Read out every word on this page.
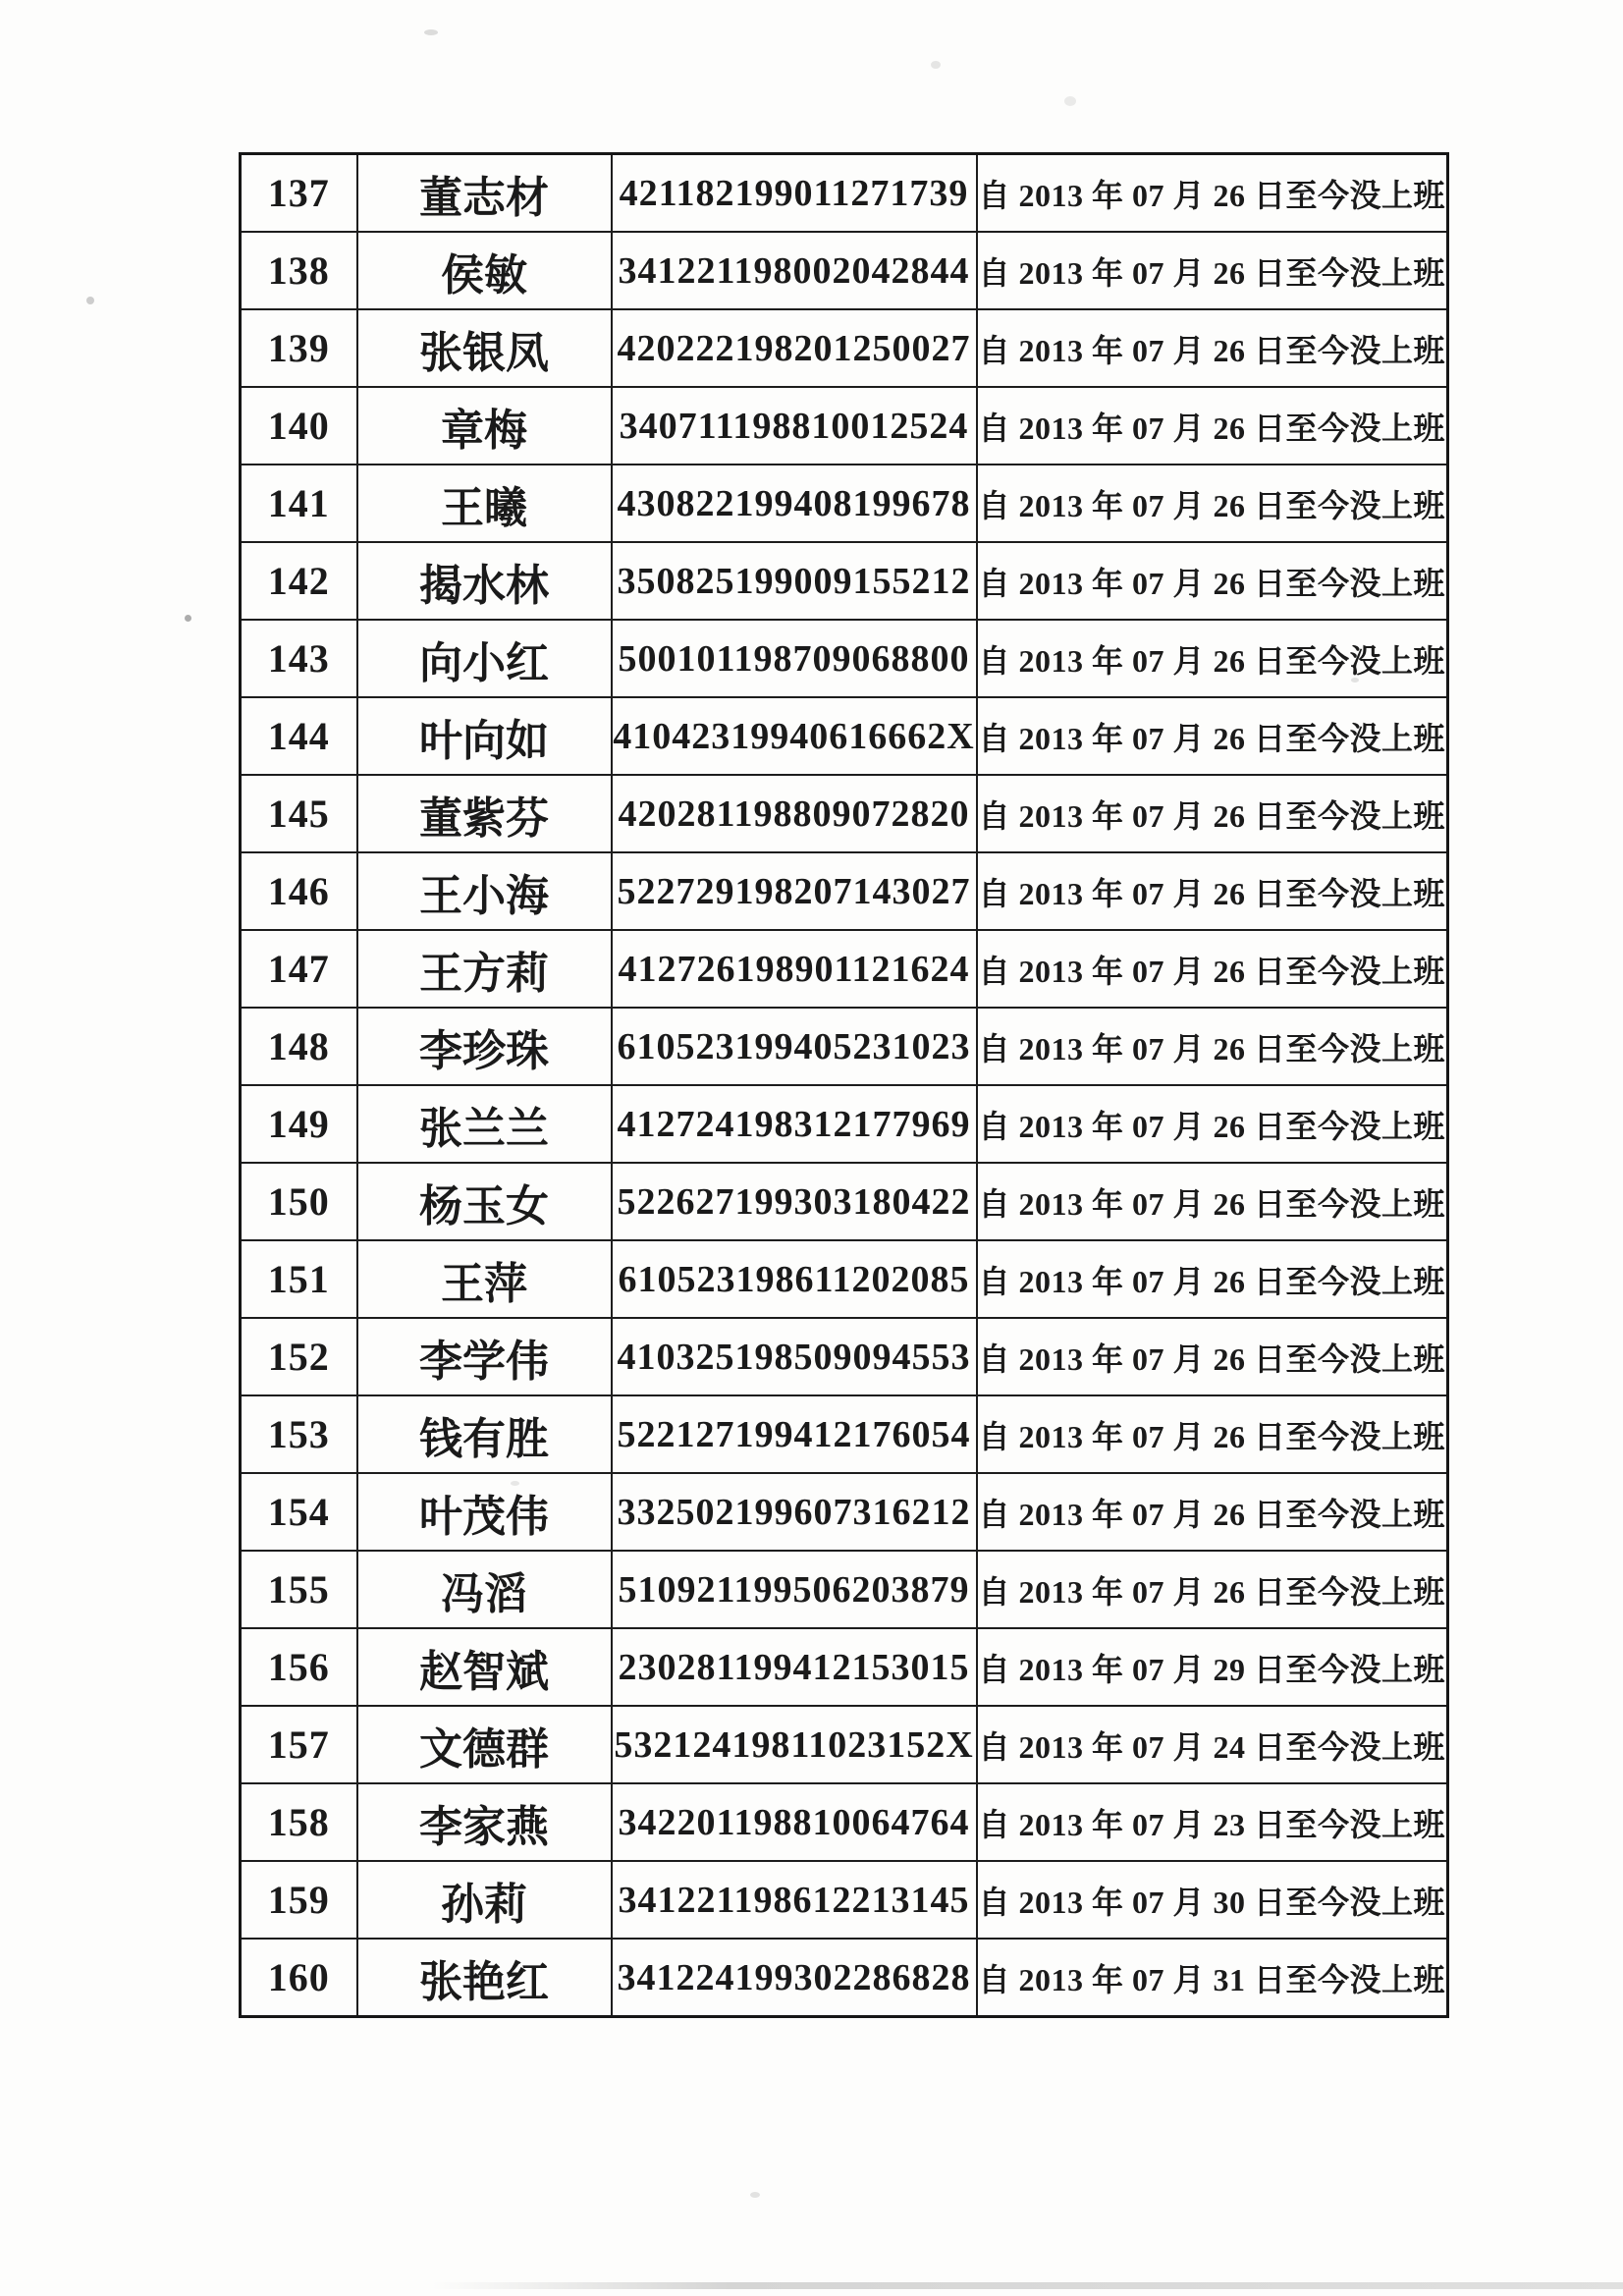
137	董志材	421182199011271739	自 2013 年 07 月 26 日至今没上班
138	侯敏	341221198002042844	自 2013 年 07 月 26 日至今没上班
139	张银凤	420222198201250027	自 2013 年 07 月 26 日至今没上班
140	章梅	340711198810012524	自 2013 年 07 月 26 日至今没上班
141	王曦	430822199408199678	自 2013 年 07 月 26 日至今没上班
142	揭水林	350825199009155212	自 2013 年 07 月 26 日至今没上班
143	向小红	500101198709068800	自 2013 年 07 月 26 日至今没上班
144	叶向如	41042319940616662X	自 2013 年 07 月 26 日至今没上班
145	董紫芬	420281198809072820	自 2013 年 07 月 26 日至今没上班
146	王小海	522729198207143027	自 2013 年 07 月 26 日至今没上班
147	王方莉	412726198901121624	自 2013 年 07 月 26 日至今没上班
148	李珍珠	610523199405231023	自 2013 年 07 月 26 日至今没上班
149	张兰兰	412724198312177969	自 2013 年 07 月 26 日至今没上班
150	杨玉女	522627199303180422	自 2013 年 07 月 26 日至今没上班
151	王萍	610523198611202085	自 2013 年 07 月 26 日至今没上班
152	李学伟	410325198509094553	自 2013 年 07 月 26 日至今没上班
153	钱有胜	522127199412176054	自 2013 年 07 月 26 日至今没上班
154	叶茂伟	332502199607316212	自 2013 年 07 月 26 日至今没上班
155	冯滔	510921199506203879	自 2013 年 07 月 26 日至今没上班
156	赵智斌	230281199412153015	自 2013 年 07 月 29 日至今没上班
157	文德群	53212419811023152X	自 2013 年 07 月 24 日至今没上班
158	李家燕	342201198810064764	自 2013 年 07 月 23 日至今没上班
159	孙莉	341221198612213145	自 2013 年 07 月 30 日至今没上班
160	张艳红	341224199302286828	自 2013 年 07 月 31 日至今没上班
